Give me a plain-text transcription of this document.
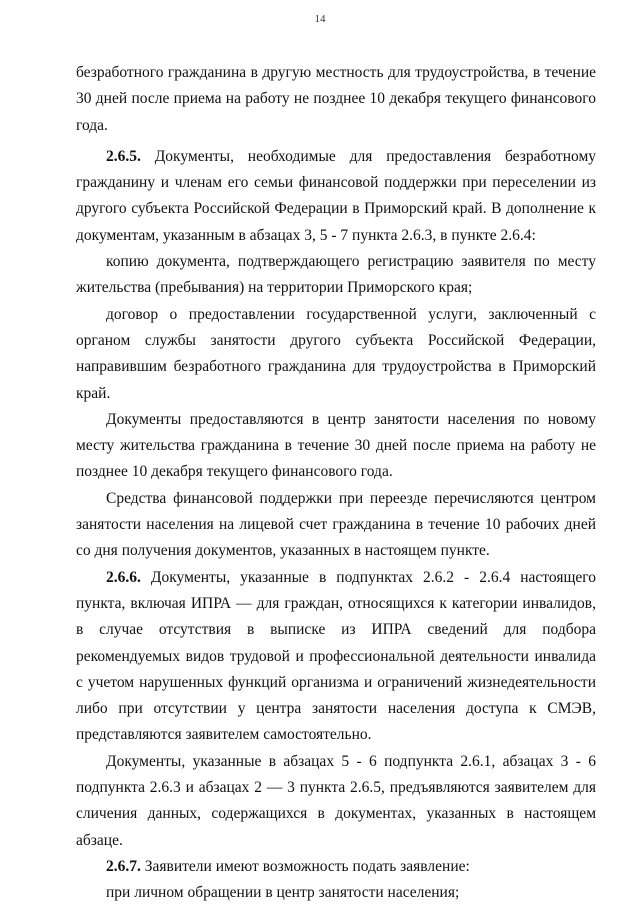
14

безработного гражданина в другую местность для трудоустройства, в течение 30 дней после приема на работу не позднее 10 декабря текущего финансового года.

2.6.5. Документы, необходимые для предоставления безработному гражданину и членам его семьи финансовой поддержки при переселении из другого субъекта Российской Федерации в Приморский край. В дополнение к документам, указанным в абзацах 3, 5 - 7 пункта 2.6.3, в пункте 2.6.4:

копию документа, подтверждающего регистрацию заявителя по месту жительства (пребывания) на территории Приморского края;

договор о предоставлении государственной услуги, заключенный с органом службы занятости другого субъекта Российской Федерации, направившим безработного гражданина для трудоустройства в Приморский край.

Документы предоставляются в центр занятости населения по новому месту жительства гражданина в течение 30 дней после приема на работу не позднее 10 декабря текущего финансового года.

Средства финансовой поддержки при переезде перечисляются центром занятости населения на лицевой счет гражданина в течение 10 рабочих дней со дня получения документов, указанных в настоящем пункте.

2.6.6. Документы, указанные в подпунктах 2.6.2 - 2.6.4 настоящего пункта, включая ИПРА — для граждан, относящихся к категории инвалидов, в случае отсутствия в выписке из ИПРА сведений для подбора рекомендуемых видов трудовой и профессиональной деятельности инвалида с учетом нарушенных функций организма и ограничений жизнедеятельности либо при отсутствии у центра занятости населения доступа к СМЭВ, представляются заявителем самостоятельно.

Документы, указанные в абзацах 5 - 6 подпункта 2.6.1, абзацах 3 - 6 подпункта 2.6.3 и абзацах 2 — 3 пункта 2.6.5, предъявляются заявителем для сличения данных, содержащихся в документах, указанных в настоящем абзаце.

2.6.7. Заявители имеют возможность подать заявление:

при личном обращении в центр занятости населения;
